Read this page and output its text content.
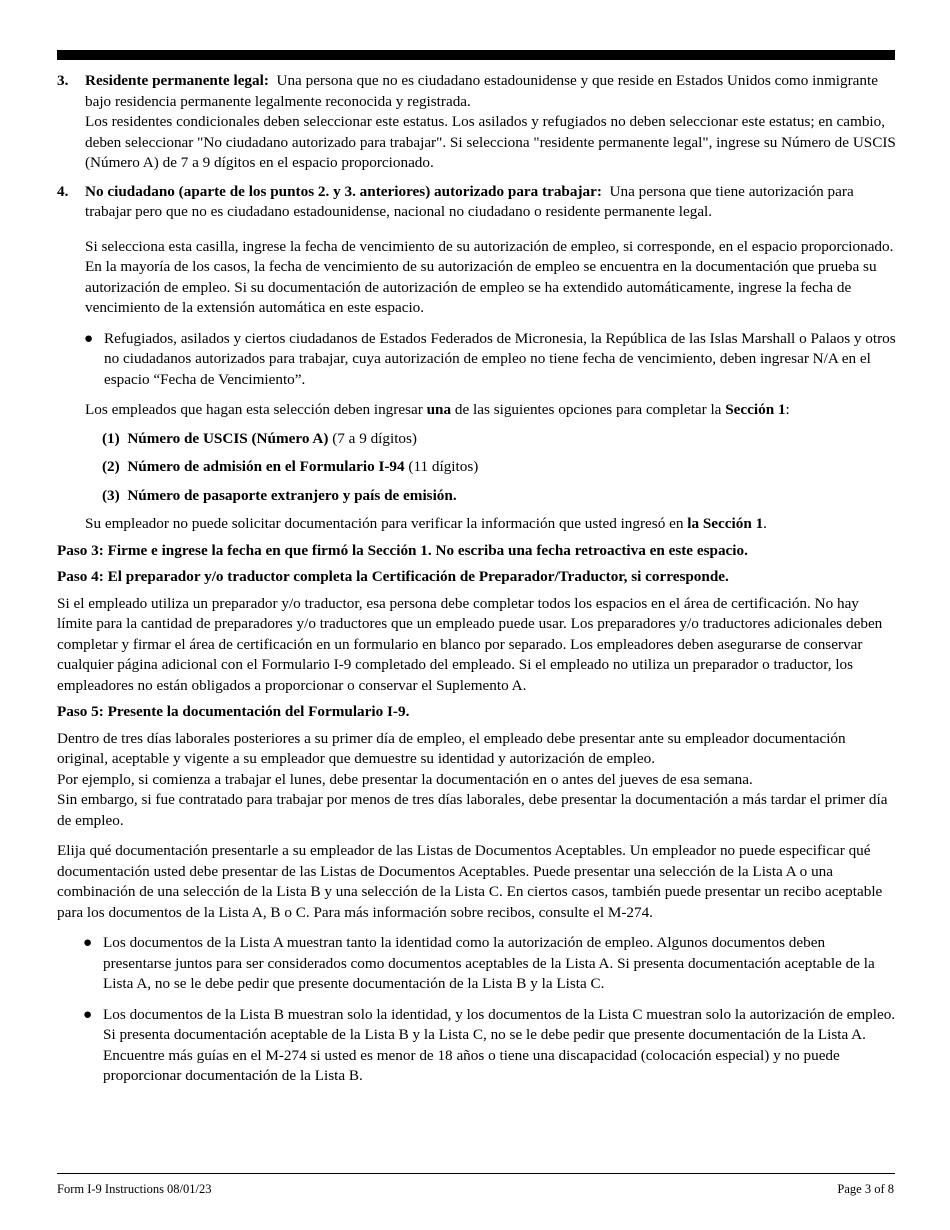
3. Residente permanente legal: Una persona que no es ciudadano estadounidense y que reside en Estados Unidos como inmigrante bajo residencia permanente legalmente reconocida y registrada.

Los residentes condicionales deben seleccionar este estatus. Los asilados y refugiados no deben seleccionar este estatus; en cambio, deben seleccionar "No ciudadano autorizado para trabajar". Si selecciona "residente permanente legal", ingrese su Número de USCIS (Número A) de 7 a 9 dígitos en el espacio proporcionado.

4. No ciudadano (aparte de los puntos 2. y 3. anteriores) autorizado para trabajar: Una persona que tiene autorización para trabajar pero que no es ciudadano estadounidense, nacional no ciudadano o residente permanente legal.

Si selecciona esta casilla, ingrese la fecha de vencimiento de su autorización de empleo, si corresponde, en el espacio proporcionado. En la mayoría de los casos, la fecha de vencimiento de su autorización de empleo se encuentra en la documentación que prueba su autorización de empleo. Si su documentación de autorización de empleo se ha extendido automáticamente, ingrese la fecha de vencimiento de la extensión automática en este espacio.

● Refugiados, asilados y ciertos ciudadanos de Estados Federados de Micronesia, la República de las Islas Marshall o Palaos y otros no ciudadanos autorizados para trabajar, cuya autorización de empleo no tiene fecha de vencimiento, deben ingresar N/A en el espacio “Fecha de Vencimiento”.

Los empleados que hagan esta selección deben ingresar una de las siguientes opciones para completar la Sección 1:

(1) Número de USCIS (Número A) (7 a 9 dígitos)

(2) Número de admisión en el Formulario I-94 (11 dígitos)

(3) Número de pasaporte extranjero y país de emisión.

Su empleador no puede solicitar documentación para verificar la información que usted ingresó en la Sección 1.

Paso 3: Firme e ingrese la fecha en que firmó la Sección 1. No escriba una fecha retroactiva en este espacio.

Paso 4: El preparador y/o traductor completa la Certificación de Preparador/Traductor, si corresponde.

Si el empleado utiliza un preparador y/o traductor, esa persona debe completar todos los espacios en el área de certificación. No hay límite para la cantidad de preparadores y/o traductores que un empleado puede usar. Los preparadores y/o traductores adicionales deben completar y firmar el área de certificación en un formulario en blanco por separado. Los empleadores deben asegurarse de conservar cualquier página adicional con el Formulario I-9 completado del empleado. Si el empleado no utiliza un preparador o traductor, los empleadores no están obligados a proporcionar o conservar el Suplemento A.

Paso 5: Presente la documentación del Formulario I-9.

Dentro de tres días laborales posteriores a su primer día de empleo, el empleado debe presentar ante su empleador documentación original, aceptable y vigente a su empleador que demuestre su identidad y autorización de empleo.

Por ejemplo, si comienza a trabajar el lunes, debe presentar la documentación en o antes del jueves de esa semana.

Sin embargo, si fue contratado para trabajar por menos de tres días laborales, debe presentar la documentación a más tardar el primer día de empleo.

Elija qué documentación presentarle a su empleador de las Listas de Documentos Aceptables. Un empleador no puede especificar qué documentación usted debe presentar de las Listas de Documentos Aceptables. Puede presentar una selección de la Lista A o una combinación de una selección de la Lista B y una selección de la Lista C. En ciertos casos, también puede presentar un recibo aceptable para los documentos de la Lista A, B o C. Para más información sobre recibos, consulte el M-274.

● Los documentos de la Lista A muestran tanto la identidad como la autorización de empleo. Algunos documentos deben presentarse juntos para ser considerados como documentos aceptables de la Lista A. Si presenta documentación aceptable de la Lista A, no se le debe pedir que presente documentación de la Lista B y la Lista C.

● Los documentos de la Lista B muestran solo la identidad, y los documentos de la Lista C muestran solo la autorización de empleo. Si presenta documentación aceptable de la Lista B y la Lista C, no se le debe pedir que presente documentación de la Lista A. Encuentre más guías en el M-274 si usted es menor de 18 años o tiene una discapacidad (colocación especial) y no puede proporcionar documentación de la Lista B.

Form I-9 Instructions 08/01/23	Page 3 of 8
